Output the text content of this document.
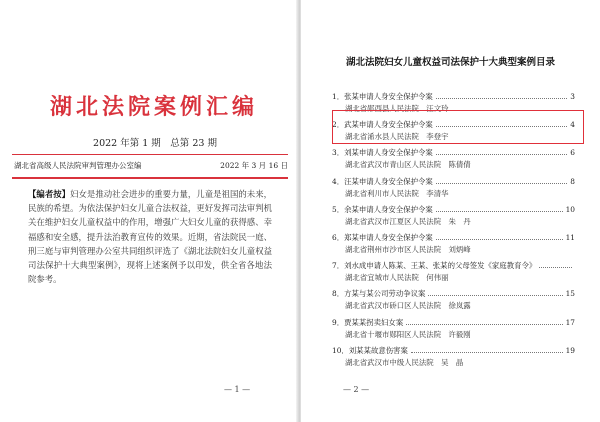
湖北法院案例汇编
2022 年第 1 期　总第 23 期
湖北省高级人民法院审判管理办公室编	2022 年 3 月 16 日

【编者按】妇女是推动社会进步的重要力量，儿童是祖国的未来，民族的希望。为依法保护妇女儿童合法权益，更好发挥司法审判机关在维护妇女儿童权益中的作用，增强广大妇女儿童的获得感、幸福感和安全感，提升法治教育宣传的效果。近期，省法院民一庭、刑三庭与审判管理办公室共同组织评选了《湖北法院妇女儿童权益司法保护十大典型案例》，现将上述案例予以印发，供全省各地法院参考。

— 1 —
湖北法院妇女儿童权益司法保护十大典型案例目录
1．张某申请人身安全保护令案	3
湖北省郧西县人民法院　汪文玲
2．武某申请人身安全保护令案	4
湖北省浠水县人民法院　李登宇
3．刘某申请人身安全保护令案	6
湖北省武汉市青山区人民法院　陈倩倩
4．汪某申请人身安全保护令案	8
湖北省利川市人民法院　李清华
5．余某申请人身安全保护令案	10
湖北省武汉市江夏区人民法院　朱　丹
6．郑某申请人身安全保护令案	11
湖北省荆州市沙市区人民法院　刘炳峰
7．刘水成申请人陈某、王某、张某的父母签发《家庭教育令》
湖北省宜城市人民法院　何伟丽
8．方某与某公司劳动争议案	15
湖北省武汉市硚口区人民法院　徐岚露
9．贾某某拐卖妇女案	17
湖北省十堰市郧阳区人民法院　许毅刚
10．刘某某故意伤害案	19
湖北省武汉市中级人民法院　吴　晶
— 2 —
